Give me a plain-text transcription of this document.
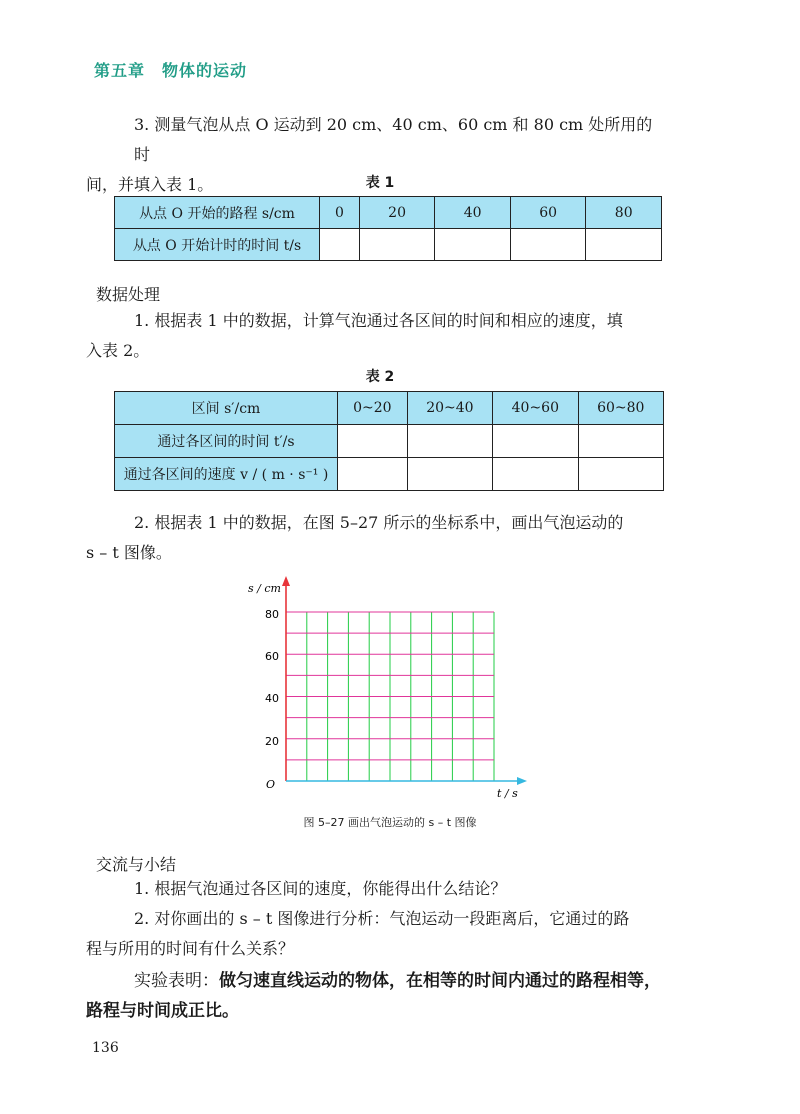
第五章　物体的运动
3. 测量气泡从点 O 运动到 20 cm、40 cm、60 cm 和 80 cm 处所用的时
间，并填入表 1。	表 1
从点 O 开始的路程 s/cm	0	20	40	60	80
从点 O 开始计时的时间 t/s					
数据处理
1. 根据表 1 中的数据，计算气泡通过各区间的时间和相应的速度，填
入表 2。
表 2
区间 s′/cm	0~20	20~40	40~60	60~80
通过各区间的时间 t′/s				
通过各区间的速度 v / ( m · s⁻¹ )				
2. 根据表 1 中的数据，在图 5–27 所示的坐标系中，画出气泡运动的
s – t 图像。
s / cm
t / s
O
20
40
60
80
图 5–27 画出气泡运动的 s – t 图像
交流与小结
1. 根据气泡通过各区间的速度，你能得出什么结论？
2. 对你画出的 s – t 图像进行分析：气泡运动一段距离后，它通过的路
程与所用的时间有什么关系？
实验表明：做匀速直线运动的物体，在相等的时间内通过的路程相等，
路程与时间成正比。
136
